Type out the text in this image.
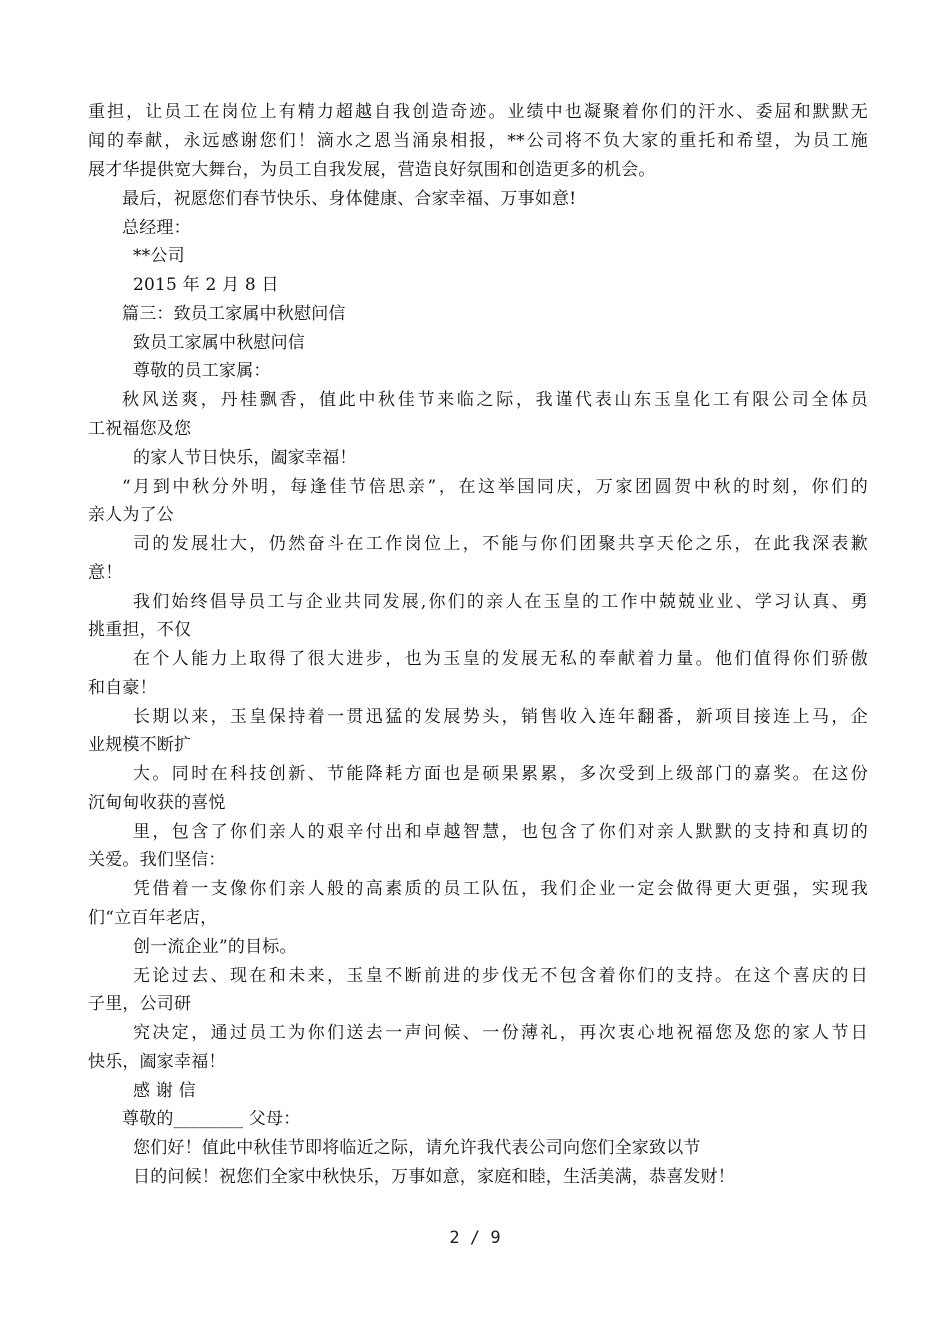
重担，让员工在岗位上有精力超越自我创造奇迹。业绩中也凝聚着你们的汗水、委屈和默默无
闻的奉献，永远感谢您们！滴水之恩当涌泉相报，**公司将不负大家的重托和希望，为员工施
展才华提供宽大舞台，为员工自我发展，营造良好氛围和创造更多的机会。
最后，祝愿您们春节快乐、身体健康、合家幸福、万事如意!
总经理：
**公司
2015 年 2 月 8 日
篇三：致员工家属中秋慰问信
致员工家属中秋慰问信
尊敬的员工家属：
秋风送爽，丹桂飘香，值此中秋佳节来临之际，我谨代表山东玉皇化工有限公司全体员
工祝福您及您
的家人节日快乐，阖家幸福！
“月到中秋分外明，每逢佳节倍思亲”，在这举国同庆，万家团圆贺中秋的时刻，你们的
亲人为了公
司的发展壮大，仍然奋斗在工作岗位上，不能与你们团聚共享天伦之乐，在此我深表歉
意！
我们始终倡导员工与企业共同发展,你们的亲人在玉皇的工作中兢兢业业、学习认真、勇
挑重担，不仅
在个人能力上取得了很大进步，也为玉皇的发展无私的奉献着力量。他们值得你们骄傲
和自豪！
长期以来，玉皇保持着一贯迅猛的发展势头，销售收入连年翻番，新项目接连上马，企
业规模不断扩
大。同时在科技创新、节能降耗方面也是硕果累累，多次受到上级部门的嘉奖。在这份
沉甸甸收获的喜悦
里，包含了你们亲人的艰辛付出和卓越智慧，也包含了你们对亲人默默的支持和真切的
关爱。我们坚信：
凭借着一支像你们亲人般的高素质的员工队伍，我们企业一定会做得更大更强，实现我
们“立百年老店，
创一流企业”的目标。
无论过去、现在和未来，玉皇不断前进的步伐无不包含着你们的支持。在这个喜庆的日
子里，公司研
究决定，通过员工为你们送去一声问候、一份薄礼，再次衷心地祝福您及您的家人节日
快乐，阖家幸福！
感 谢 信
尊敬的________ 父母：
您们好！值此中秋佳节即将临近之际，请允许我代表公司向您们全家致以节
日的问候！祝您们全家中秋快乐，万事如意，家庭和睦，生活美满，恭喜发财！
2 / 9
